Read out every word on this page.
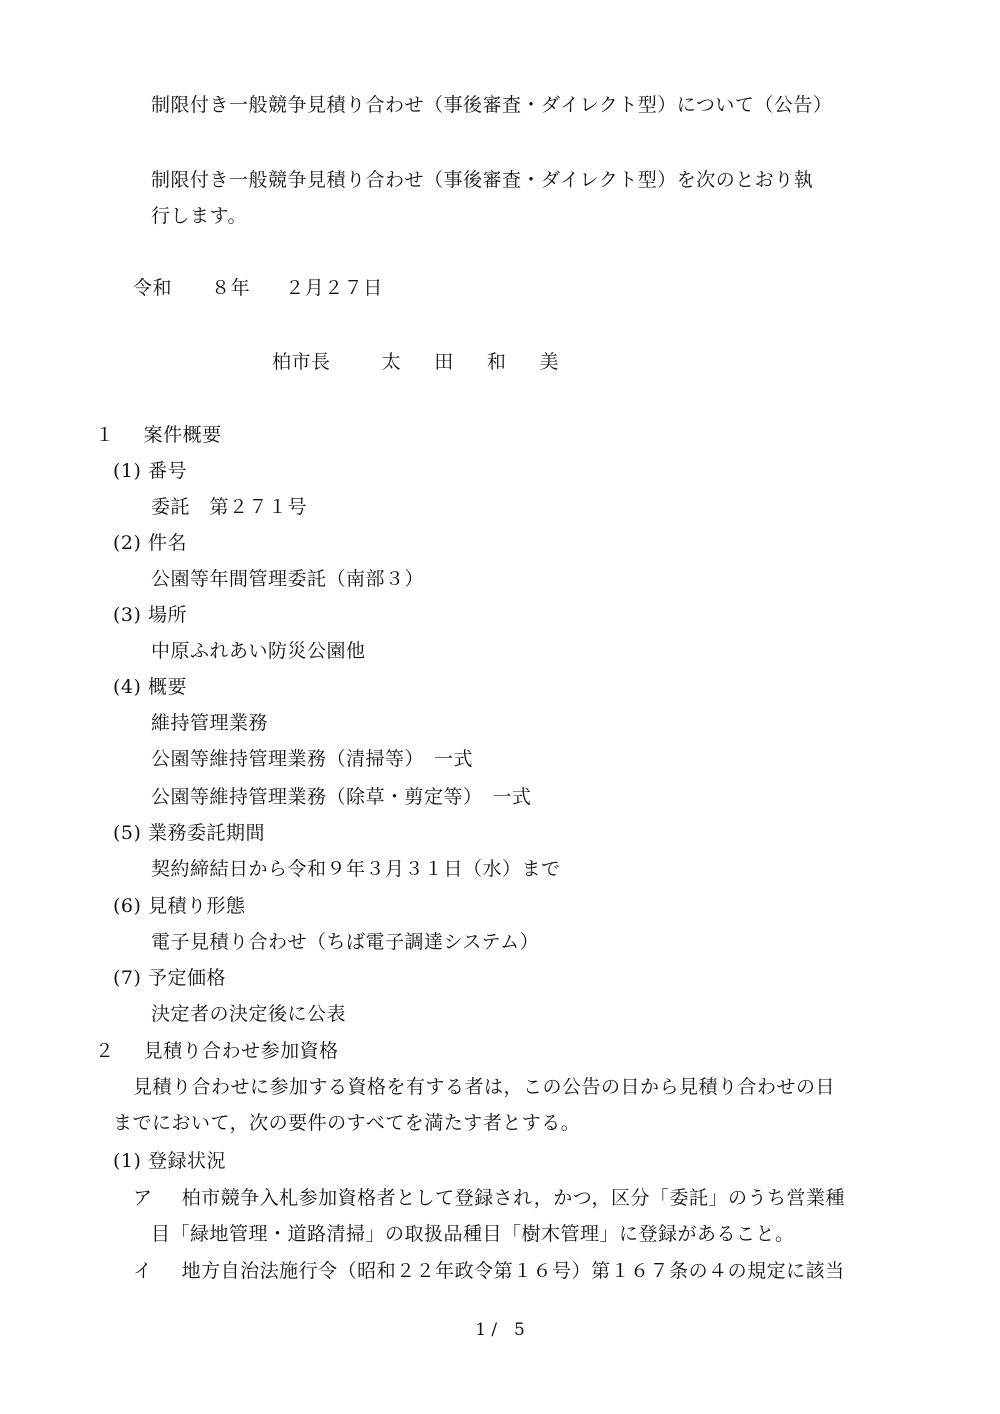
制限付き一般競争見積り合わせ（事後審査・ダイレクト型）について（公告）
制限付き一般競争見積り合わせ（事後審査・ダイレクト型）を次のとおり執
行します。
令和 ８年 ２月２７日
柏市長	太 田 和 美
１ 案件概要
(1) 番号
委託　第２７１号
(2) 件名
公園等年間管理委託（南部３）
(3) 場所
中原ふれあい防災公園他
(4) 概要
維持管理業務
公園等維持管理業務（清掃等）　一式
公園等維持管理業務（除草・剪定等）　一式
(5) 業務委託期間
契約締結日から令和９年３月３１日（水）まで
(6) 見積り形態
電子見積り合わせ（ちば電子調達システム）
(7) 予定価格
決定者の決定後に公表
２ 見積り合わせ参加資格
見積り合わせに参加する資格を有する者は，この公告の日から見積り合わせの日
までにおいて，次の要件のすべてを満たす者とする。
(1) 登録状況
ア 柏市競争入札参加資格者として登録され，かつ，区分「委託」のうち営業種
目「緑地管理・道路清掃」の取扱品種目「樹木管理」に登録があること。
イ 地方自治法施行令（昭和２２年政令第１６号）第１６７条の４の規定に該当
1 / 5
